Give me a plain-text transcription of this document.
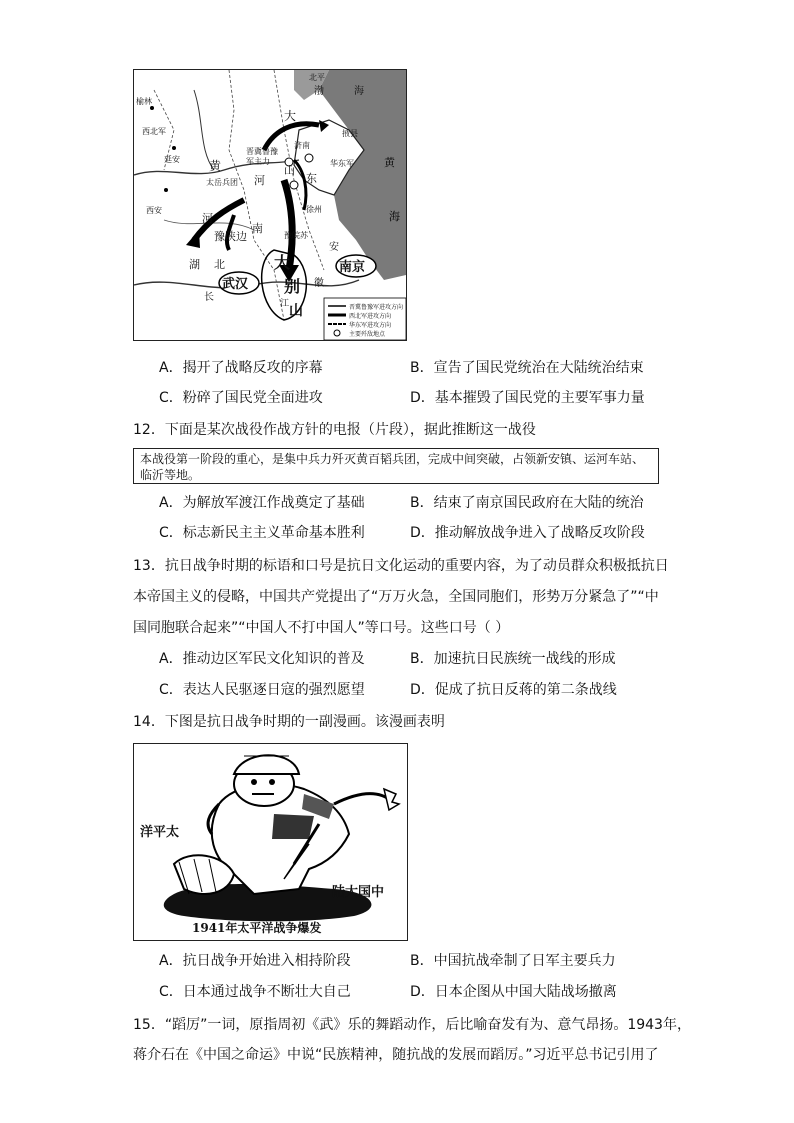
北平
榆林
西北军
延安
西安
黄
太岳兵团
晋冀鲁豫
军主力
河
大
山
东
济南
华东军
掖县
渤	海
黄
海
豫陕边
河
南
豫皖苏
徐州
湖 北
武汉
大
别
山
南京
安
徽
长
江	晋冀鲁豫军进攻方向
西北军进攻方向
华东军进攻方向
主要歼敌地点
A．揭开了战略反攻的序幕	B．宣告了国民党统治在大陆统治结束
C．粉碎了国民党全面进攻	D．基本摧毁了国民党的主要军事力量
12．下面是某次战役作战方针的电报（片段），据此推断这一战役
本战役第一阶段的重心，是集中兵力歼灭黄百韬兵团，完成中间突破，占领新安镇、运河车站、临沂等地。
A．为解放军渡江作战奠定了基础	B．结束了南京国民政府在大陆的统治
C．标志新民主主义革命基本胜利	D．推动解放战争进入了战略反攻阶段
13．抗日战争时期的标语和口号是抗日文化运动的重要内容，为了动员群众积极抵抗日
本帝国主义的侵略，中国共产党提出了“万万火急，全国同胞们，形势万分紧急了”“中
国同胞联合起来”“中国人不打中国人”等口号。这些口号（ ）
A．推动边区军民文化知识的普及	B．加速抗日民族统一战线的形成
C．表达人民驱逐日寇的强烈愿望	D．促成了抗日反蒋的第二条战线
14．下图是抗日战争时期的一副漫画。该漫画表明
洋平太
陆大国中
1941年太平洋战争爆发
A．抗日战争开始进入相持阶段	B．中国抗战牵制了日军主要兵力
C．日本通过战争不断壮大自己	D．日本企图从中国大陆战场撤离
15．“蹈厉”一词，原指周初《武》乐的舞蹈动作，后比喻奋发有为、意气昂扬。1943年，
蒋介石在《中国之命运》中说“民族精神，随抗战的发展而蹈厉。”习近平总书记引用了
